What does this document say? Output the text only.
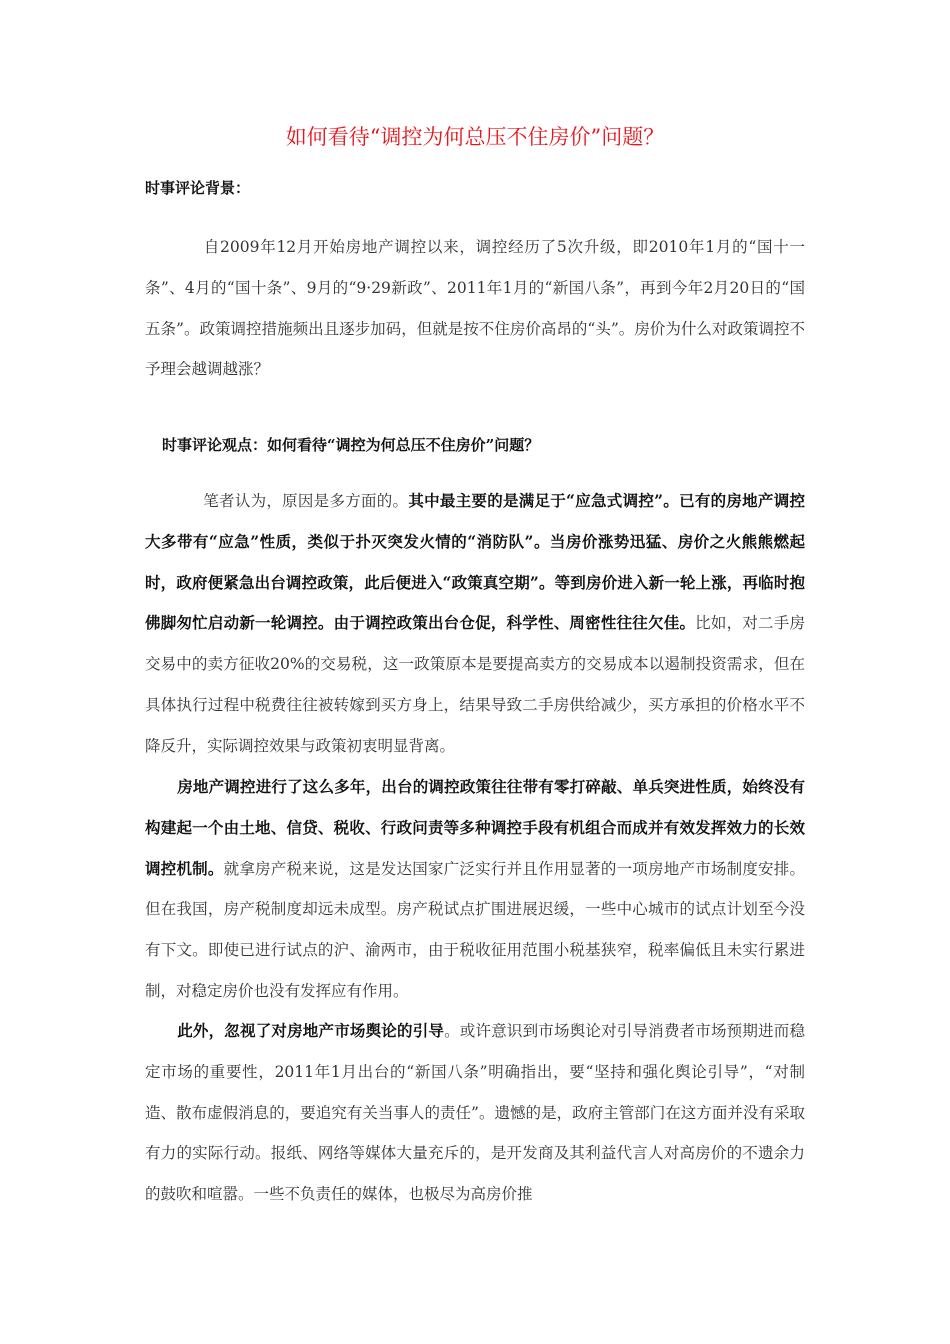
如何看待“调控为何总压不住房价”问题？
时事评论背景：
自2009年12月开始房地产调控以来，调控经历了5次升级，即2010年1月的“国十一条”、4月的“国十条”、9月的“9·29新政”、2011年1月的“新国八条”，再到今年2月20日的“国五条”。政策调控措施频出且逐步加码，但就是按不住房价高昂的“头”。房价为什么对政策调控不予理会越调越涨？
时事评论观点：如何看待“调控为何总压不住房价”问题？
笔者认为，原因是多方面的。其中最主要的是满足于“应急式调控”。已有的房地产调控大多带有“应急”性质，类似于扑灭突发火情的“消防队”。当房价涨势迅猛、房价之火熊熊燃起时，政府便紧急出台调控政策，此后便进入“政策真空期”。等到房价进入新一轮上涨，再临时抱佛脚匆忙启动新一轮调控。由于调控政策出台仓促，科学性、周密性往往欠佳。比如，对二手房交易中的卖方征收20%的交易税，这一政策原本是要提高卖方的交易成本以遏制投资需求，但在具体执行过程中税费往往被转嫁到买方身上，结果导致二手房供给减少，买方承担的价格水平不降反升，实际调控效果与政策初衷明显背离。
房地产调控进行了这么多年，出台的调控政策往往带有零打碎敲、单兵突进性质，始终没有构建起一个由土地、信贷、税收、行政问责等多种调控手段有机组合而成并有效发挥效力的长效调控机制。就拿房产税来说，这是发达国家广泛实行并且作用显著的一项房地产市场制度安排。但在我国，房产税制度却远未成型。房产税试点扩围进展迟缓，一些中心城市的试点计划至今没有下文。即使已进行试点的沪、渝两市，由于税收征用范围小税基狭窄，税率偏低且未实行累进制，对稳定房价也没有发挥应有作用。
此外，忽视了对房地产市场舆论的引导。或许意识到市场舆论对引导消费者市场预期进而稳定市场的重要性，2011年1月出台的“新国八条”明确指出，要“坚持和强化舆论引导”，“对制造、散布虚假消息的，要追究有关当事人的责任”。遗憾的是，政府主管部门在这方面并没有采取有力的实际行动。报纸、网络等媒体大量充斥的，是开发商及其利益代言人对高房价的不遗余力的鼓吹和喧嚣。一些不负责任的媒体，也极尽为高房价推
